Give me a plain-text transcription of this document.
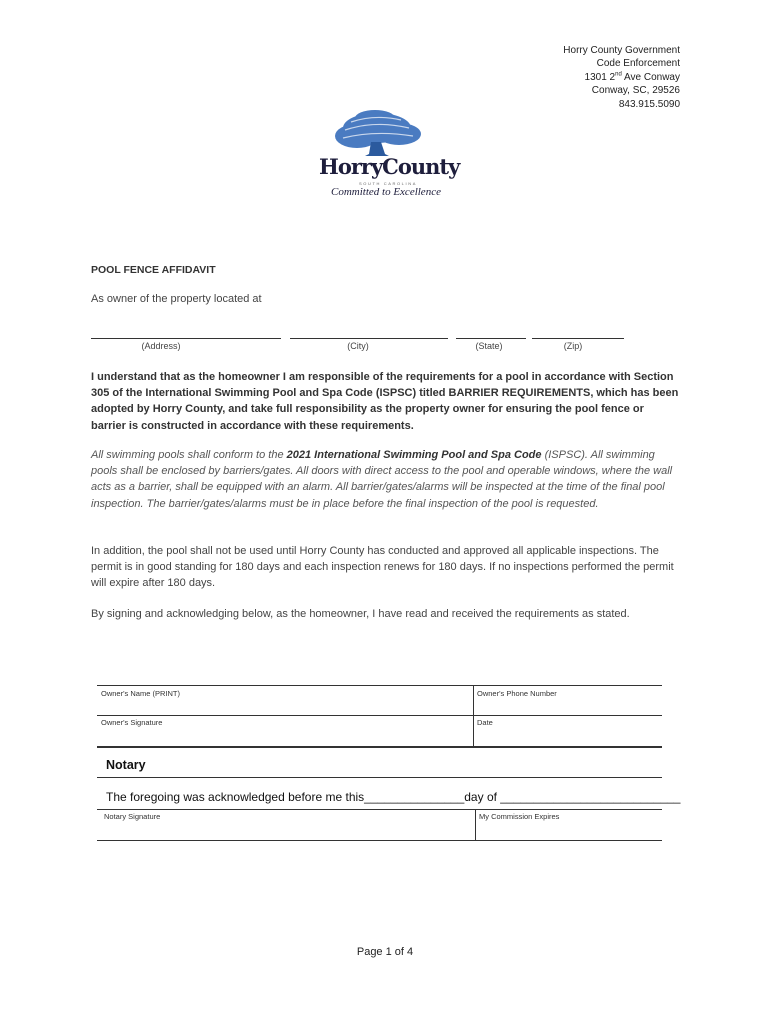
Horry County Government
Code Enforcement
1301 2nd Ave Conway
Conway, SC, 29526
843.915.5090
HorryCounty
SOUTH CAROLINA
Committed to Excellence
POOL FENCE AFFIDAVIT
As owner of the property located at
(Address)	(City)	(State)	(Zip)
I understand that as the homeowner I am responsible of the requirements for a pool in accordance with Section 305 of the International Swimming Pool and Spa Code (ISPSC) titled BARRIER REQUIREMENTS, which has been adopted by Horry County, and take full responsibility as the property owner for ensuring the pool fence or barrier is constructed in accordance with these requirements.
All swimming pools shall conform to the 2021 International Swimming Pool and Spa Code (ISPSC). All swimming pools shall be enclosed by barriers/gates. All doors with direct access to the pool and operable windows, where the wall acts as a barrier, shall be equipped with an alarm. All barrier/gates/alarms will be inspected at the time of the final pool inspection. The barrier/gates/alarms must be in place before the final inspection of the pool is requested.
In addition, the pool shall not be used until Horry County has conducted and approved all applicable inspections. The permit is in good standing for 180 days and each inspection renews for 180 days. If no inspections performed the permit will expire after 180 days.
By signing and acknowledging below, as the homeowner, I have read and received the requirements as stated.
Owner's Name (PRINT)	Owner's Phone Number
Owner's Signature	Date
Notary
The foregoing was acknowledged before me this_______________day of ___________________________
Notary Signature	My Commission Expires
Page 1 of 4
